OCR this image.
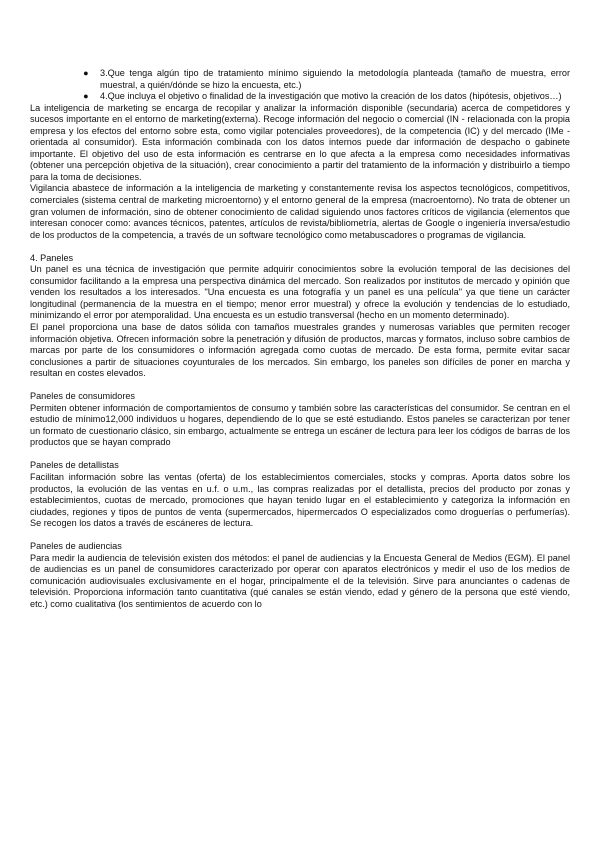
● 3.Que tenga algún tipo de tratamiento mínimo siguiendo la metodología planteada (tamaño de muestra, error muestral, a quién/dónde se hizo la encuesta, etc.)
● 4.Que incluya el objetivo o finalidad de la investigación que motivo la creación de los datos (hipótesis, objetivos…)

La inteligencia de marketing se encarga de recopilar y analizar la información disponible (secundaria) acerca de competidores y sucesos importante en el entorno de marketing(externa). Recoge información del negocio o comercial (IN - relacionada con la propia empresa y los efectos del entorno sobre esta, como vigilar potenciales proveedores), de la competencia (IC) y del mercado (IMe - orientada al consumidor). Esta información combinada con los datos internos puede dar información de despacho o gabinete importante. El objetivo del uso de esta información es centrarse en lo que afecta a la empresa como necesidades informativas (obtener una percepción objetiva de la situación), crear conocimiento a partir del tratamiento de la información y distribuirlo a tiempo para la toma de decisiones.

Vigilancia abastece de información a la inteligencia de marketing y constantemente revisa los aspectos tecnológicos, competitivos, comerciales (sistema central de marketing microentorno) y el entorno general de la empresa (macroentorno). No trata de obtener un gran volumen de información, sino de obtener conocimiento de calidad siguiendo unos factores críticos de vigilancia (elementos que interesan conocer como: avances técnicos, patentes, artículos de revista/bibliometría, alertas de Google o ingeniería inversa/estudio de los productos de la competencia, a través de un software tecnológico como metabuscadores o programas de vigilancia.

4. Paneles

Un panel es una técnica de investigación que permite adquirir conocimientos sobre la evolución temporal de las decisiones del consumidor facilitando a la empresa una perspectiva dinámica del mercado. Son realizados por institutos de mercado y opinión que venden los resultados a los interesados. "Una encuesta es una fotografía y un panel es una película" ya que tiene un carácter longitudinal (permanencia de la muestra en el tiempo; menor error muestral) y ofrece la evolución y tendencias de lo estudiado, minimizando el error por atemporalidad. Una encuesta es un estudio transversal (hecho en un momento determinado).

El panel proporciona una base de datos sólida con tamaños muestrales grandes y numerosas variables que permiten recoger información objetiva. Ofrecen información sobre la penetración y difusión de productos, marcas y formatos, incluso sobre cambios de marcas por parte de los consumidores o información agregada como cuotas de mercado. De esta forma, permite evitar sacar conclusiones a partir de situaciones coyunturales de los mercados. Sin embargo, los paneles son difíciles de poner en marcha y resultan en costes elevados.

Paneles de consumidores

Permiten obtener información de comportamientos de consumo y también sobre las características del consumidor. Se centran en el estudio de mínimo12,000 individuos u hogares, dependiendo de lo que se esté estudiando. Estos paneles se caracterizan por tener un formato de cuestionario clásico, sin embargo, actualmente se entrega un escáner de lectura para leer los códigos de barras de los productos que se hayan comprado

Paneles de detallistas

Facilitan información sobre las ventas (oferta) de los establecimientos comerciales, stocks y compras. Aporta datos sobre los productos, la evolución de las ventas en u.f. o u.m., las compras realizadas por el detallista, precios del producto por zonas y establecimientos, cuotas de mercado, promociones que hayan tenido lugar en el establecimiento y categoriza la información en ciudades, regiones y tipos de puntos de venta (supermercados, hipermercados O especializados como droguerías o perfumerías). Se recogen los datos a través de escáneres de lectura.

Paneles de audiencias

Para medir la audiencia de televisión existen dos métodos: el panel de audiencias y la Encuesta General de Medios (EGM). El panel de audiencias es un panel de consumidores caracterizado por operar con aparatos electrónicos y medir el uso de los medios de comunicación audiovisuales exclusivamente en el hogar, principalmente el de la televisión. Sirve para anunciantes o cadenas de televisión. Proporciona información tanto cuantitativa (qué canales se están viendo, edad y género de la persona que esté viendo, etc.) como cualitativa (los sentimientos de acuerdo con lo
